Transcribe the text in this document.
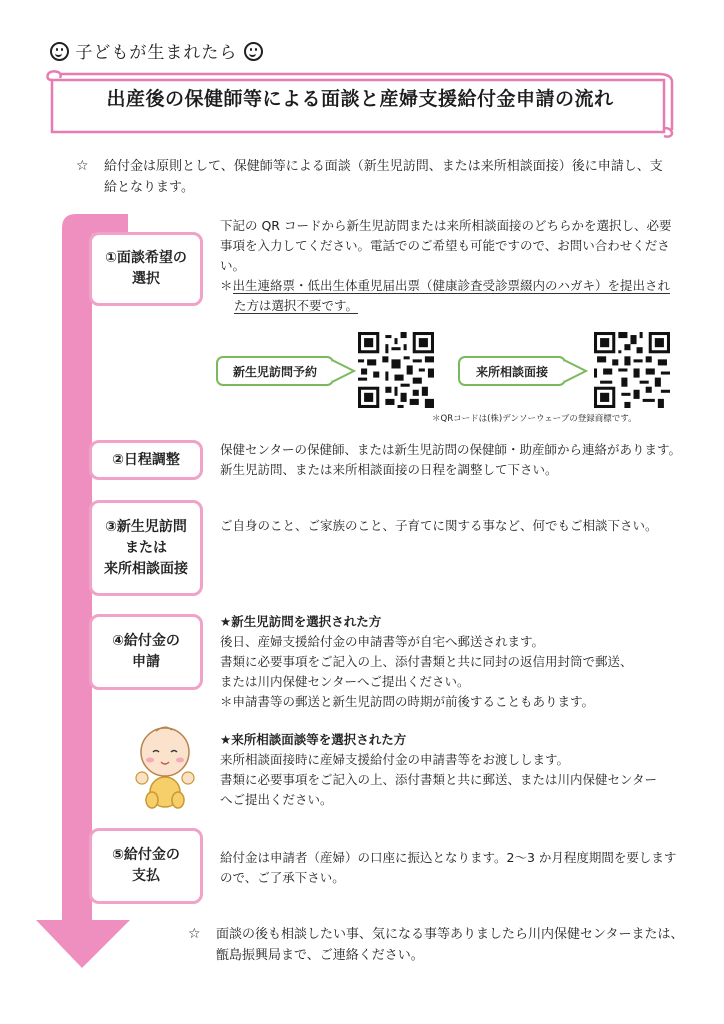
子どもが生まれたら
出産後の保健師等による面談と産婦支援給付金申請の流れ
☆ 給付金は原則として、保健師等による面談（新生児訪問、または来所相談面接）後に申請し、支給となります。
①面談希望の
選択
②日程調整
③新生児訪問
または
来所相談面接
④給付金の
申請
⑤給付金の
支払

下記の QR コードから新生児訪問または来所相談面接のどちらかを選択し、必要事項を入力してください。電話でのご希望も可能ですので、お問い合わせください。

＊出生連絡票・低出生体重児届出票（健康診査受診票綴内のハガキ）を提出された方は選択不要です。

新生児訪問予約	来所相談面接
＊QRコードは(株)デンソーウェーブの登録商標です。
保健センターの保健師、または新生児訪問の保健師・助産師から連絡があります。新生児訪問、または来所相談面接の日程を調整して下さい。
ご自身のこと、ご家族のこと、子育てに関する事など、何でもご相談下さい。

★新生児訪問を選択された方

後日、産婦支援給付金の申請書等が自宅へ郵送されます。

書類に必要事項をご記入の上、添付書類と共に同封の返信用封筒で郵送、

または川内保健センターへご提出ください。

＊申請書等の郵送と新生児訪問の時期が前後することもあります。

★来所相談面談等を選択された方

来所相談面接時に産婦支援給付金の申請書等をお渡しします。

書類に必要事項をご記入の上、添付書類と共に郵送、または川内保健センター

へご提出ください。

給付金は申請者（産婦）の口座に振込となります。2～3 か月程度期間を要しますので、ご了承下さい。
☆ 面談の後も相談したい事、気になる事等ありましたら川内保健センターまたは、甑島振興局まで、ご連絡ください。
